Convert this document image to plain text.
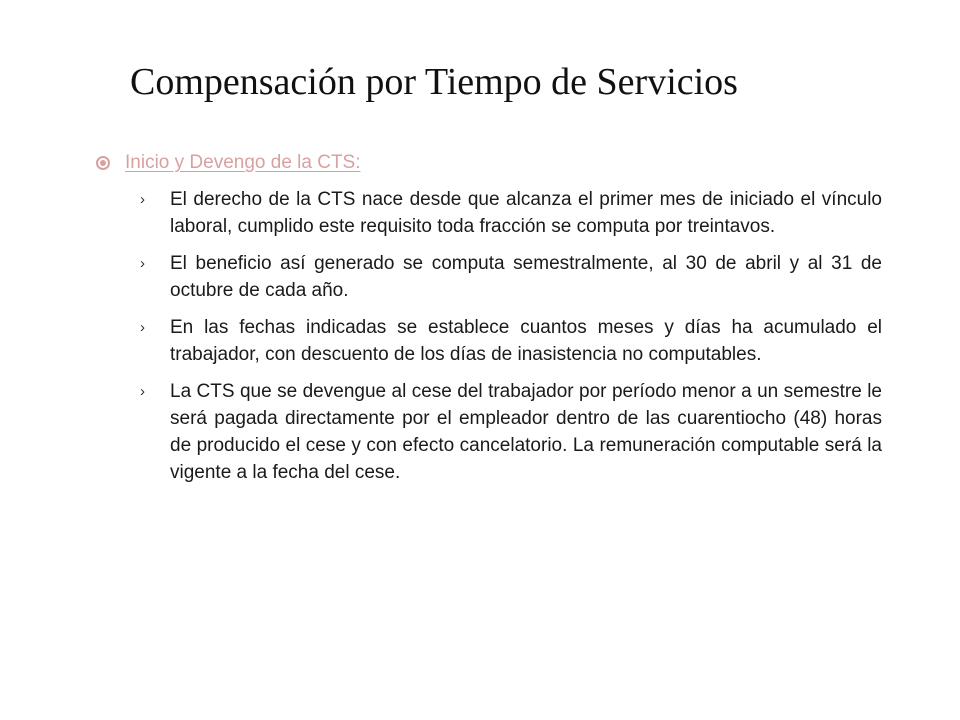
Compensación por Tiempo de Servicios
Inicio y Devengo de la CTS:
›	El derecho de la CTS nace desde que alcanza el primer mes de iniciado el vínculo laboral, cumplido este requisito toda fracción se computa por treintavos.
›	El beneficio así generado se computa semestralmente, al 30 de abril y al 31 de octubre de cada año.
›	En las fechas indicadas se establece cuantos meses y días ha acumulado el trabajador, con descuento de los días de inasistencia no computables.
›	La CTS que se devengue al cese del trabajador por período menor a un semestre le será pagada directamente por el empleador dentro de las cuarentiocho (48) horas de producido el cese y con efecto cancelatorio. La remuneración computable será la vigente a la fecha del cese.
